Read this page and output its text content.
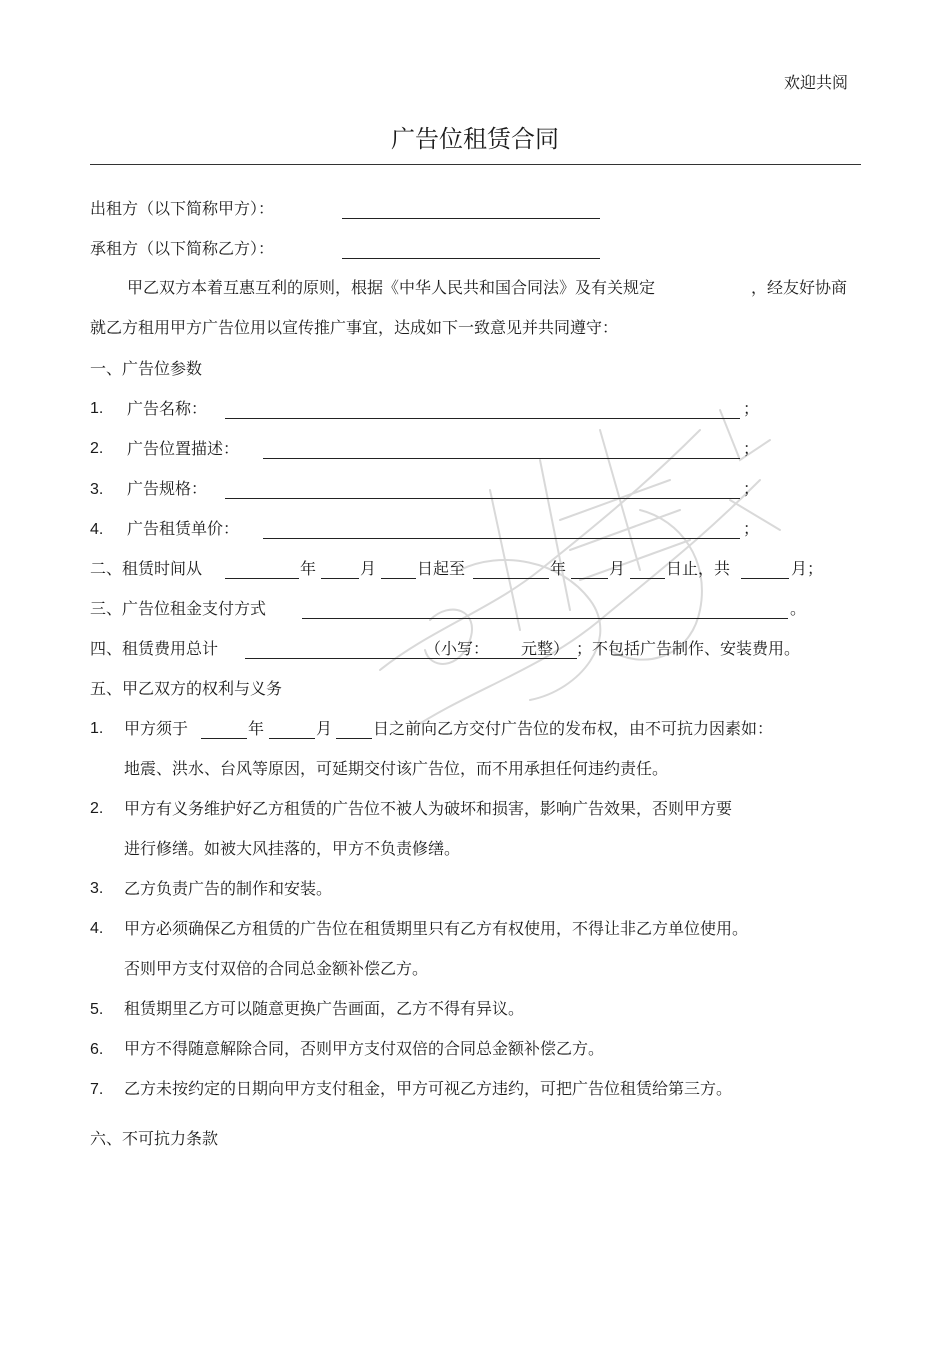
欢迎共阅
广告位租赁合同
出租方（以下简称甲方）：
承租方（以下简称乙方）：
甲乙双方本着互惠互利的原则，根据《中华人民共和国合同法》及有关规定	，经友好协商
就乙方租用甲方广告位用以宣传推广事宜，达成如下一致意见并共同遵守：
一、广告位参数
1. 广告名称：	；
2. 广告位置描述：	；
3. 广告规格：	；
4. 广告租赁单价：	；
二、租赁时间从	年	月	日起至	年	月	日止，共	月；
三、广告位租金支付方式	。
四、租赁费用总计	（小写： 元整） ；不包括广告制作、安装费用。
五、甲乙双方的权利与义务
1. 甲方须于	年	月	日之前向乙方交付广告位的发布权，由不可抗力因素如：
地震、洪水、台风等原因，可延期交付该广告位，而不用承担任何违约责任。
2. 甲方有义务维护好乙方租赁的广告位不被人为破坏和损害，影响广告效果，否则甲方要
进行修缮。如被大风挂落的，甲方不负责修缮。
3. 乙方负责广告的制作和安装。
4. 甲方必须确保乙方租赁的广告位在租赁期里只有乙方有权使用，不得让非乙方单位使用。
否则甲方支付双倍的合同总金额补偿乙方。
5. 租赁期里乙方可以随意更换广告画面，乙方不得有异议。
6. 甲方不得随意解除合同，否则甲方支付双倍的合同总金额补偿乙方。
7. 乙方未按约定的日期向甲方支付租金，甲方可视乙方违约，可把广告位租赁给第三方。
六、不可抗力条款
